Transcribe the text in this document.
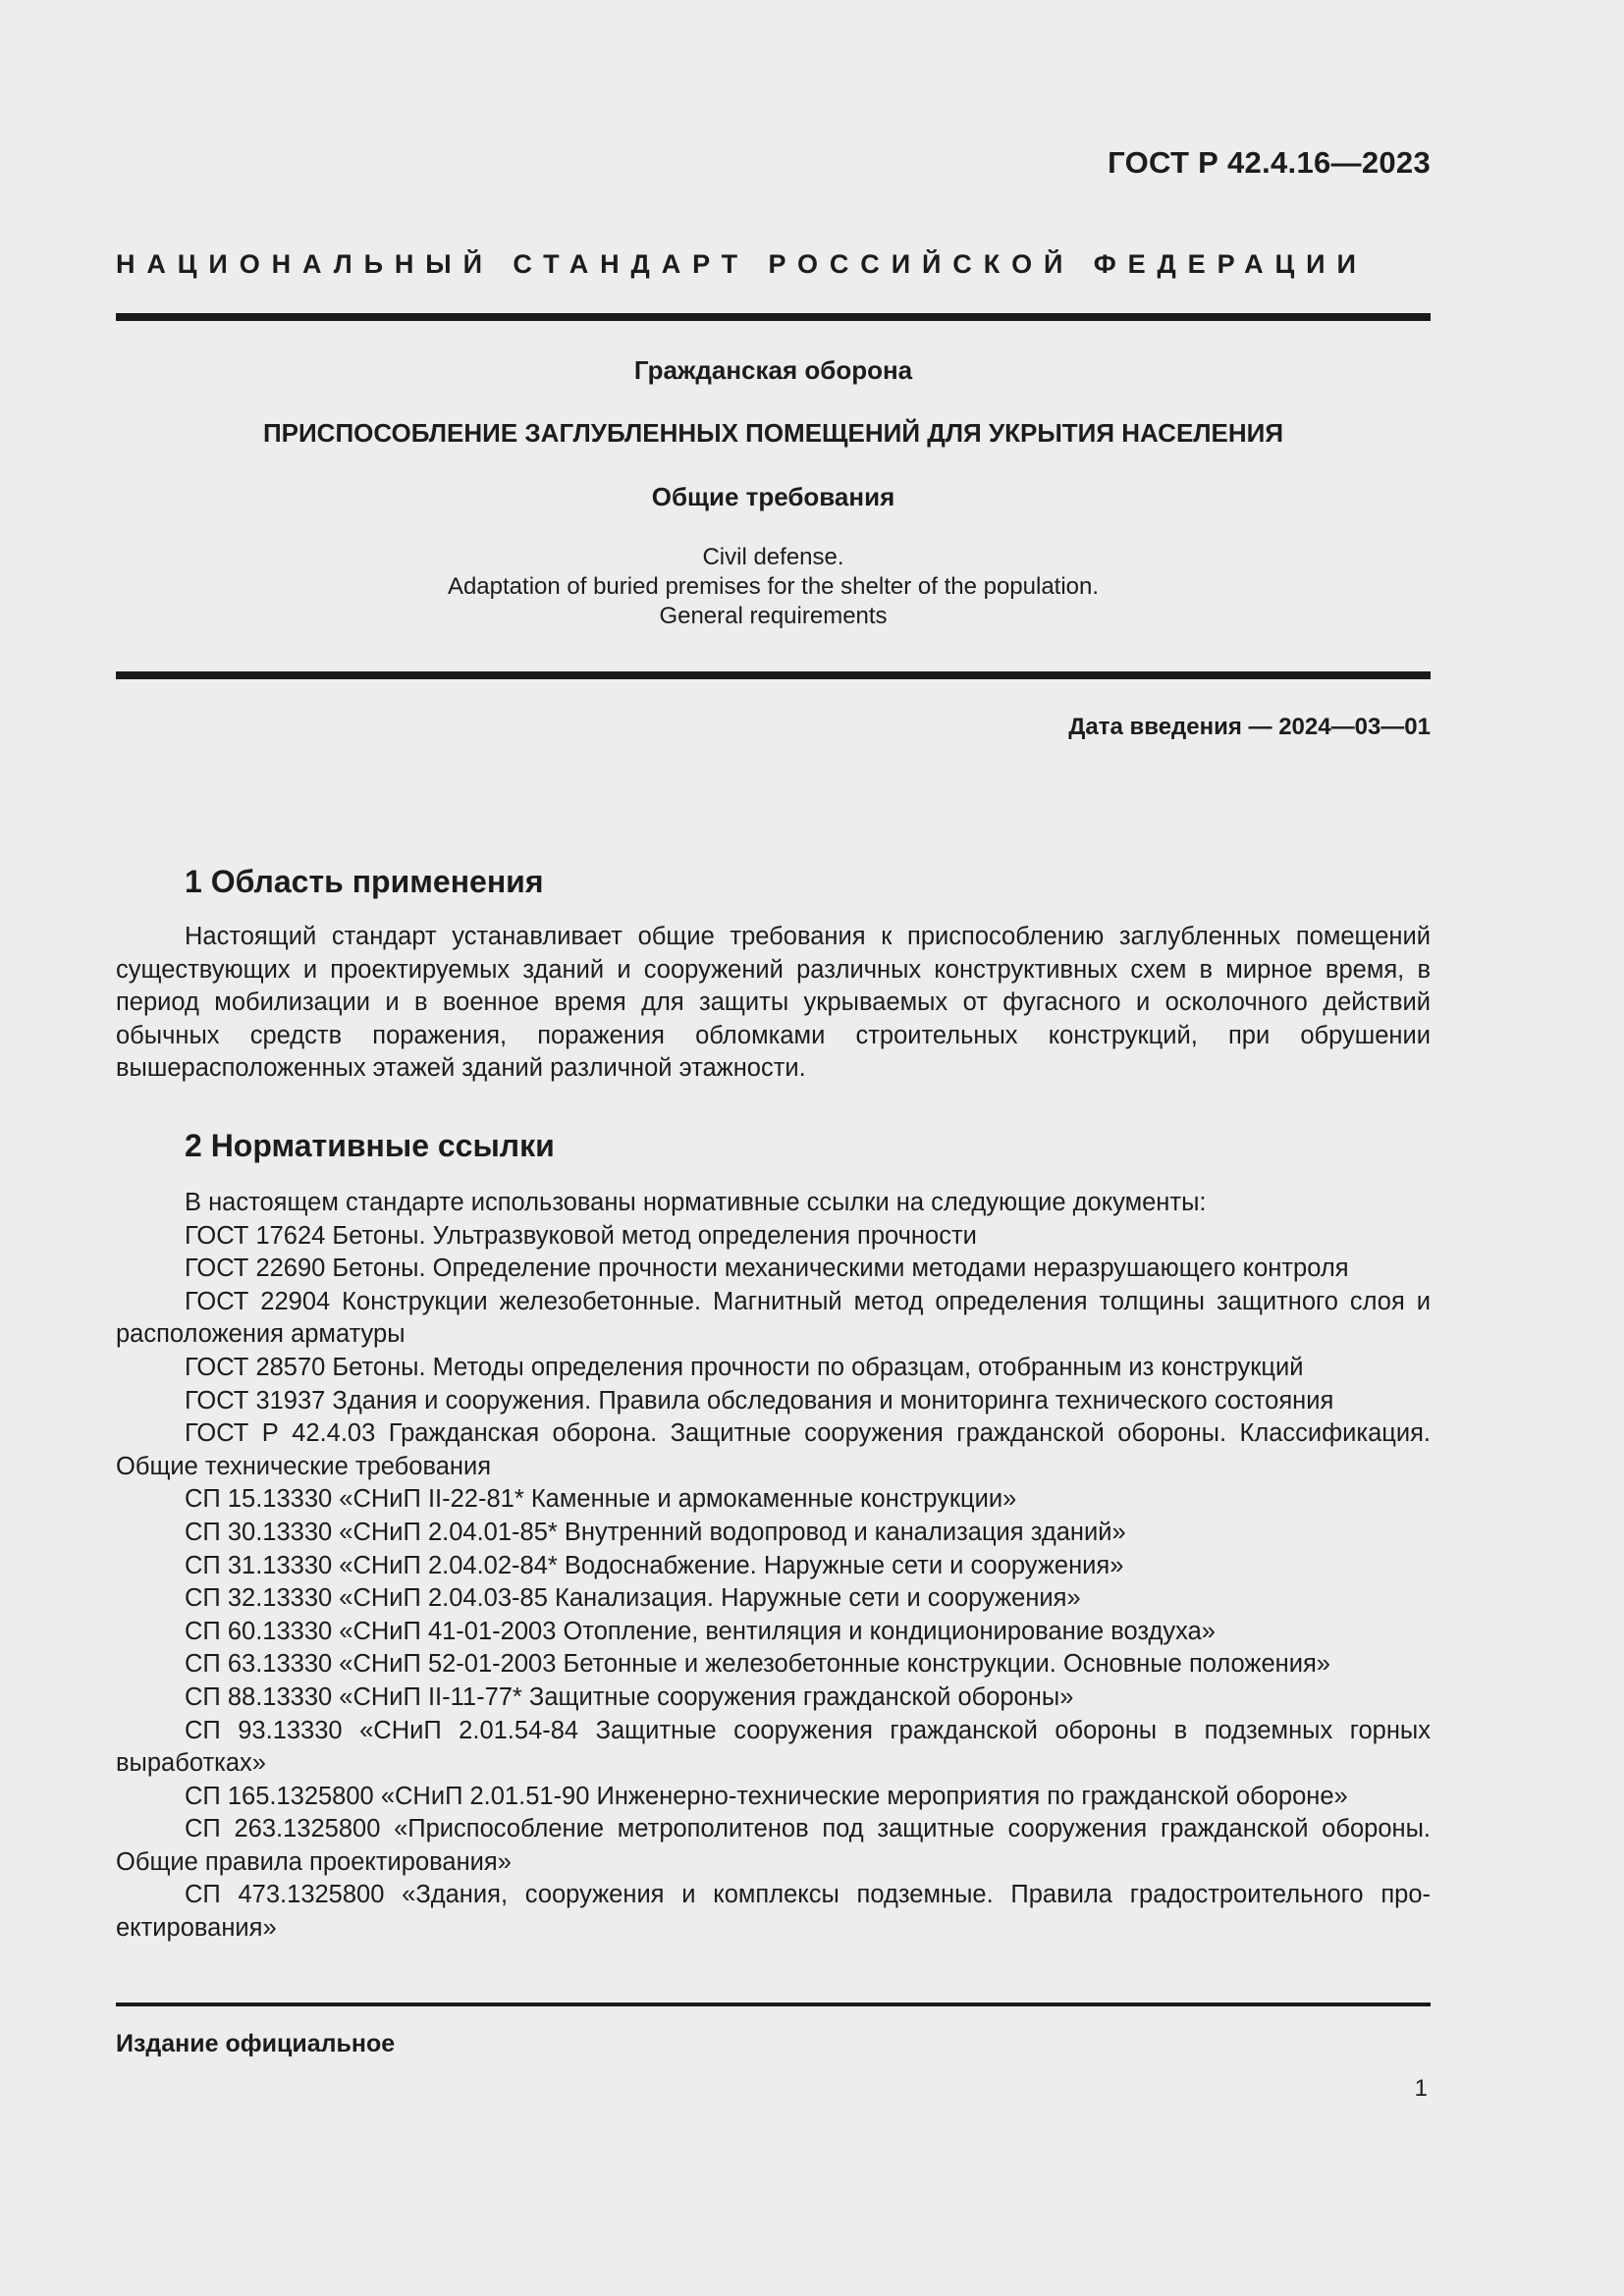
ГОСТ Р 42.4.16—2023
НАЦИОНАЛЬНЫЙ СТАНДАРТ РОССИЙСКОЙ ФЕДЕРАЦИИ
Гражданская оборона
ПРИСПОСОБЛЕНИЕ ЗАГЛУБЛЕННЫХ ПОМЕЩЕНИЙ ДЛЯ УКРЫТИЯ НАСЕЛЕНИЯ
Общие требования
Civil defense.
Adaptation of buried premises for the shelter of the population.
General requirements
Дата введения — 2024—03—01
1 Область применения

Настоящий стандарт устанавливает общие требования к приспособлению заглубленных помещений существующих и проектируемых зданий и сооружений различных конструктивных схем в мирное время, в период мобилизации и в военное время для защиты укрываемых от фугасного и осколочного действий обычных средств поражения, поражения обломками строительных конструкций, при обрушении вышерасположенных этажей зданий различной этажности.

2 Нормативные ссылки

В настоящем стандарте использованы нормативные ссылки на следующие документы:

ГОСТ 17624 Бетоны. Ультразвуковой метод определения прочности

ГОСТ 22690 Бетоны. Определение прочности механическими методами неразрушающего контроля

ГОСТ 22904 Конструкции железобетонные. Магнитный метод определения толщины защитного слоя и расположения арматуры

ГОСТ 28570 Бетоны. Методы определения прочности по образцам, отобранным из конструкций

ГОСТ 31937 Здания и сооружения. Правила обследования и мониторинга технического состояния

ГОСТ Р 42.4.03 Гражданская оборона. Защитные сооружения гражданской обороны. Классификация. Общие технические требования

СП 15.13330 «СНиП II-22-81* Каменные и армокаменные конструкции»

СП 30.13330 «СНиП 2.04.01-85* Внутренний водопровод и канализация зданий»

СП 31.13330 «СНиП 2.04.02-84* Водоснабжение. Наружные сети и сооружения»

СП 32.13330 «СНиП 2.04.03-85 Канализация. Наружные сети и сооружения»

СП 60.13330 «СНиП 41-01-2003 Отопление, вентиляция и кондиционирование воздуха»

СП 63.13330 «СНиП 52-01-2003 Бетонные и железобетонные конструкции. Основные положения»

СП 88.13330 «СНиП II-11-77* Защитные сооружения гражданской обороны»

СП 93.13330 «СНиП 2.01.54-84 Защитные сооружения гражданской обороны в подземных горных выработках»

СП 165.1325800 «СНиП 2.01.51-90 Инженерно-технические мероприятия по гражданской обороне»

СП 263.1325800 «Приспособление метрополитенов под защитные сооружения гражданской обороны. Общие правила проектирования»

СП 473.1325800 «Здания, сооружения и комплексы подземные. Правила градостроительного проектирования»

Издание официальное
1
